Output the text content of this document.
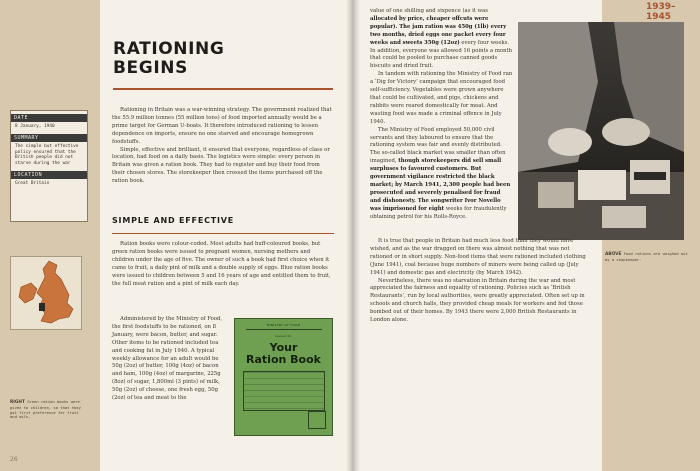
DATE
8 January, 1940
SUMMARY
The simple but effective policy ensured that the British people did not starve during the war
LOCATION
Great Britain
RIGHT Green ration books were given to children, so that they got first preference for fruit and milk.
26
1939–1945
RATIONING
BEGINS

Rationing in Britain was a war-winning strategy. The government realized that the 55.9 million tonnes (55 million tons) of food imported annually would be a prime target for German U-boats. It therefore introduced rationing to lessen dependence on imports, ensure no one starved and encourage homegrown foodstuffs.

Simple, effective and brilliant, it ensured that everyone, regardless of class or location, had food on a daily basis. The logistics were simple: every person in Britain was given a ration book. They had to register and buy their food from their chosen stores. The storekeeper then crossed the items purchased off the ration book.

SIMPLE AND EFFECTIVE

Ration books were colour-coded. Most adults had buff-coloured books, but green ration books were issued to pregnant women, nursing mothers and children under the age of five. The owner of such a book had first choice when it came to fruit, a daily pint of milk and a double supply of eggs. Blue ration books were issued to children between 5 and 16 years of age and entitled them to fruit, the full meat ration and a pint of milk each day.

Administered by the Ministry of Food, the first foodstuffs to be rationed, on 8 January, were bacon, butter, and sugar. Other items to be rationed included tea and cooking fat in July 1940. A typical weekly allowance for an adult would be 50g (2oz) of butter, 100g (4oz) of bacon and ham, 100g (4oz) of margarine, 225g (8oz) of sugar, 1,800ml (3 pints) of milk, 50g (2oz) of cheese, one fresh egg, 50g (2oz) of tea and meat to the

MINISTRY OF FOOD
Issued to
Your
Ration Book

value of one shilling and sixpence (as it was allocated by price, cheaper offcuts were popular). The jam ration was 450g (1lb) every two months, dried eggs one packet every four weeks and sweets 350g (12oz) every four weeks. In addition, everyone was allowed 16 points a month that could be pooled to purchase canned goods biscuits and dried fruit.

In tandem with rationing the Ministry of Food ran a ‘Dig for Victory’ campaign that encouraged food self-sufficiency. Vegetables were grown anywhere that could be cultivated, and pigs, chickens and rabbits were reared domestically for meat. And wasting food was made a criminal offence in July 1940.

The Ministry of Food employed 50,000 civil servants and they laboured to ensure that the rationing system was fair and evenly distributed. The so-called black market was smaller than often imagined, though storekeepers did sell small surpluses to favoured customers. But government vigilance restricted the black market; by March 1941, 2,300 people had been prosecuted and severely penalised for fraud and dishonesty. The songwriter Ivor Novello was imprisoned for eight weeks for fraudulently obtaining petrol for his Rolls-Royce.

ABOVE Food rations are weighed out by a shopkeeper.

It is true that people in Britain had much less food than they would have wished, and as the war dragged on there was almost nothing that was not rationed or in short supply. Non-food items that were rationed included clothing (June 1941), coal because huge numbers of miners were being called up (July 1941) and domestic gas and electricity (by March 1942).

Nevertheless, there was no starvation in Britain during the war and most appreciated the fairness and equality of rationing. Policies such as ‘British Restaurants’, run by local authorities, were greatly appreciated. Often set up in schools and church halls, they provided cheap meals for workers and fed those bombed out of their homes. By 1943 there were 2,000 British Restaurants in London alone.
